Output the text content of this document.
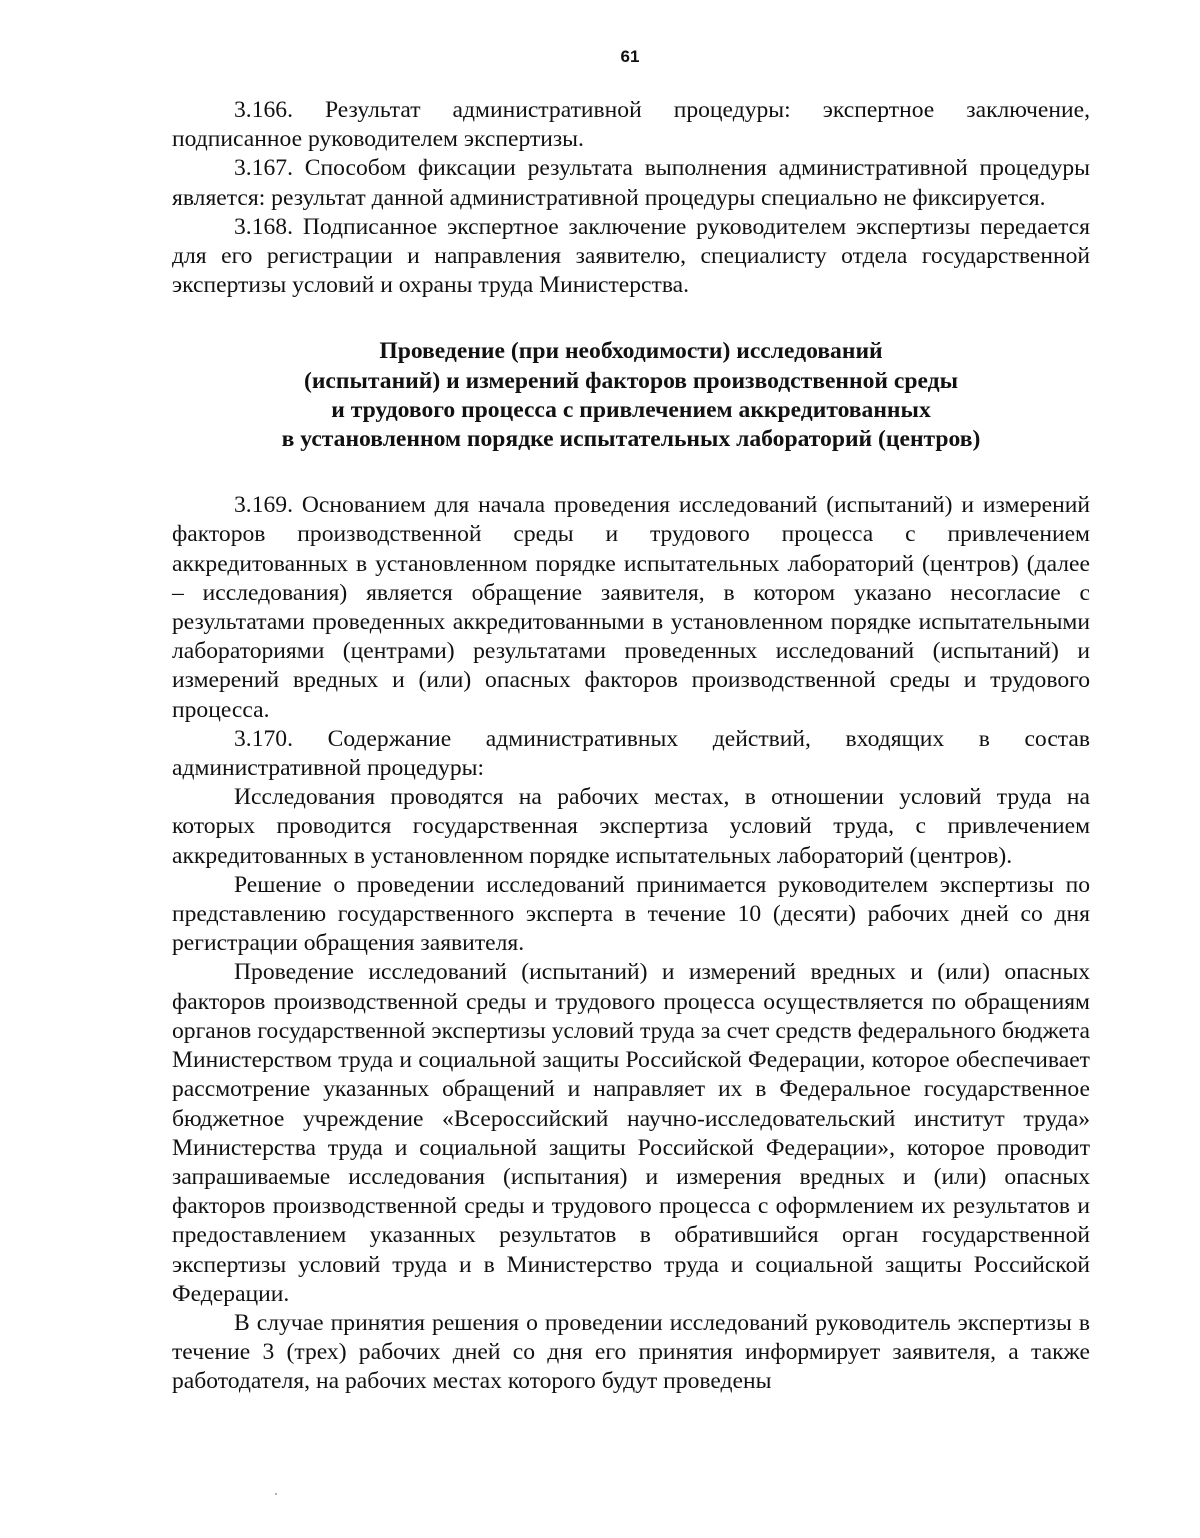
61

3.166. Результат административной процедуры: экспертное заключение, подписанное руководителем экспертизы.

3.167. Способом фиксации результата выполнения административной процедуры является: результат данной административной процедуры специально не фиксируется.

3.168. Подписанное экспертное заключение руководителем экспертизы передается для его регистрации и направления заявителю, специалисту отдела государственной экспертизы условий и охраны труда Министерства.

Проведение (при необходимости) исследований
(испытаний) и измерений факторов производственной среды
и трудового процесса с привлечением аккредитованных
в установленном порядке испытательных лабораторий (центров)

3.169. Основанием для начала проведения исследований (испытаний) и измерений факторов производственной среды и трудового процесса с привлечением аккредитованных в установленном порядке испытательных лабораторий (центров) (далее – исследования) является обращение заявителя, в котором указано несогласие с результатами проведенных аккредитованными в установленном порядке испытательными лабораториями (центрами) результатами проведенных исследований (испытаний) и измерений вредных и (или) опасных факторов производственной среды и трудового процесса.

3.170. Содержание административных действий, входящих в состав административной процедуры:

Исследования проводятся на рабочих местах, в отношении условий труда на которых проводится государственная экспертиза условий труда, с привлечением аккредитованных в установленном порядке испытательных лабораторий (центров).

Решение о проведении исследований принимается руководителем экспертизы по представлению государственного эксперта в течение 10 (десяти) рабочих дней со дня регистрации обращения заявителя.

Проведение исследований (испытаний) и измерений вредных и (или) опасных факторов производственной среды и трудового процесса осуществляется по обращениям органов государственной экспертизы условий труда за счет средств федерального бюджета Министерством труда и социальной защиты Российской Федерации, которое обеспечивает рассмотрение указанных обращений и направляет их в Федеральное государственное бюджетное учреждение «Всероссийский научно-исследовательский институт труда» Министерства труда и социальной защиты Российской Федерации», которое проводит запрашиваемые исследования (испытания) и измерения вредных и (или) опасных факторов производственной среды и трудового процесса с оформлением их результатов и предоставлением указанных результатов в обратившийся орган государственной экспертизы условий труда и в Министерство труда и социальной защиты Российской Федерации.

В случае принятия решения о проведении исследований руководитель экспертизы в течение 3 (трех) рабочих дней со дня его принятия информирует заявителя, а также работодателя, на рабочих местах которого будут проведены
